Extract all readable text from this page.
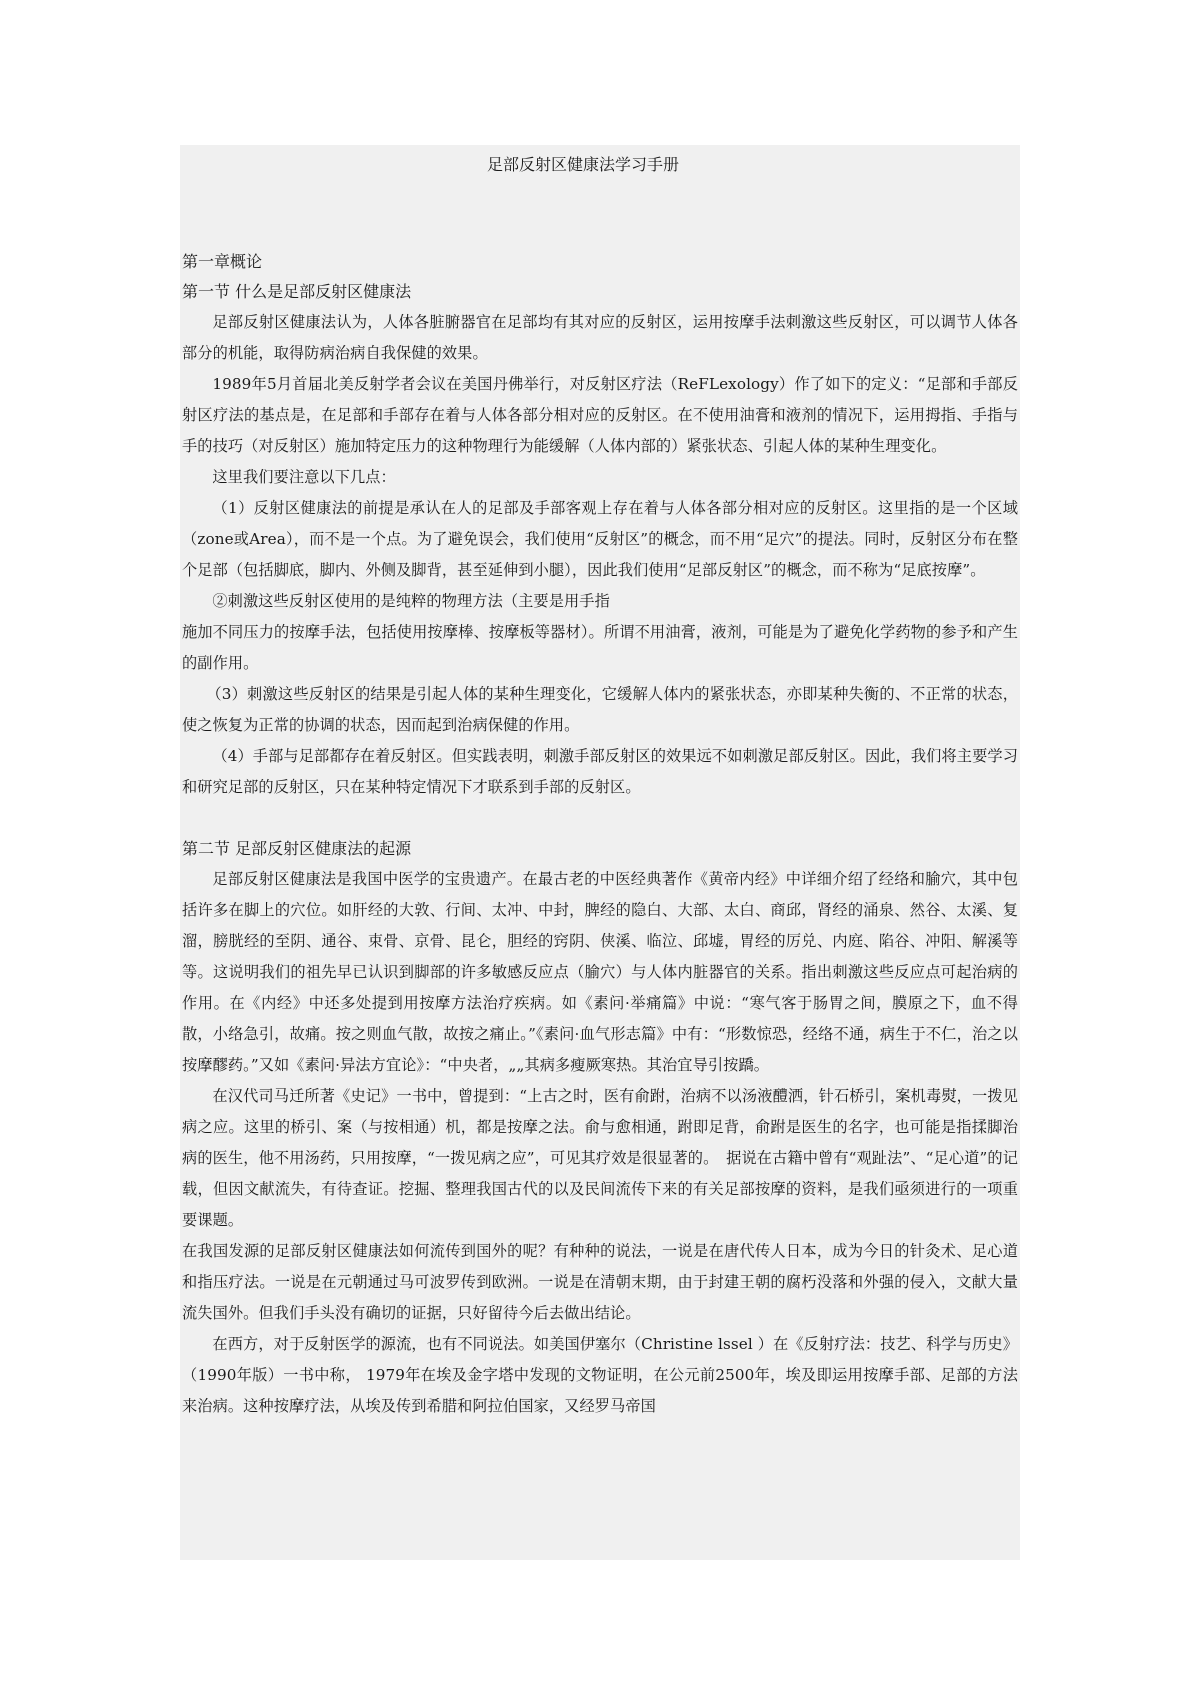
足部反射区健康法学习手册
第一章概论
第一节 什么是足部反射区健康法

足部反射区健康法认为，人体各脏腑器官在足部均有其对应的反射区，运用按摩手法刺激这些反射区，可以调节人体各部分的机能，取得防病治病自我保健的效果。

1989年5月首届北美反射学者会议在美国丹佛举行，对反射区疗法（ReFLexology）作了如下的定义：“足部和手部反射区疗法的基点是，在足部和手部存在着与人体各部分相对应的反射区。在不使用油膏和液剂的情况下，运用拇指、手指与手的技巧（对反射区）施加特定压力的这种物理行为能缓解（人体内部的）紧张状态、引起人体的某种生理变化。

这里我们要注意以下几点：

（1）反射区健康法的前提是承认在人的足部及手部客观上存在着与人体各部分相对应的反射区。这里指的是一个区域（zone或Area），而不是一个点。为了避免误会，我们使用“反射区”的概念，而不用“足穴”的提法。同时，反射区分布在整个足部（包括脚底，脚内、外侧及脚背，甚至延伸到小腿），因此我们使用“足部反射区”的概念，而不称为“足底按摩”。

②刺激这些反射区使用的是纯粹的物理方法（主要是用手指

施加不同压力的按摩手法，包括使用按摩棒、按摩板等器材）。所谓不用油膏，液剂，可能是为了避免化学药物的参予和产生的副作用。

（3）刺激这些反射区的结果是引起人体的某种生理变化，它缓解人体内的紧张状态，亦即某种失衡的、不正常的状态，使之恢复为正常的协调的状态，因而起到治病保健的作用。

（4）手部与足部都存在着反射区。但实践表明，刺激手部反射区的效果远不如刺激足部反射区。因此，我们将主要学习和研究足部的反射区，只在某种特定情况下才联系到手部的反射区。

第二节 足部反射区健康法的起源

足部反射区健康法是我国中医学的宝贵遗产。在最古老的中医经典著作《黄帝内经》中详细介绍了经络和腧穴，其中包括许多在脚上的穴位。如肝经的大敦、行间、太冲、中封，脾经的隐白、大部、太白、商邱，肾经的涌泉、然谷、太溪、复溜，膀胱经的至阴、通谷、束骨、京骨、昆仑，胆经的窍阴、侠溪、临泣、邱墟，胃经的厉兑、内庭、陷谷、冲阳、解溪等等。这说明我们的祖先早已认识到脚部的许多敏感反应点（腧穴）与人体内脏器官的关系。指出刺激这些反应点可起治病的作用。在《内经》中还多处提到用按摩方法治疗疾病。如《素问·举痛篇》中说：“寒气客于肠胃之间，膜原之下，血不得散，小络急引，故痛。按之则血气散，故按之痛止。”《素问·血气形志篇》中有：“形数惊恐，经络不通，病生于不仁，治之以按摩醪药。”又如《素问·异法方宜论》：“中央者，„„其病多瘦厥寒热。其治宜导引按蹻。

在汉代司马迁所著《史记》一书中，曾提到：“上古之时，医有俞跗，治病不以汤液醴洒，针石桥引，案机毒熨，一拨见病之应。这里的桥引、案（与按相通）机，都是按摩之法。俞与愈相通，跗即足背，俞跗是医生的名字，也可能是指揉脚治病的医生，他不用汤药，只用按摩，“一拨见病之应”，可见其疗效是很显著的。　据说在古籍中曾有“观趾法”、“足心道”的记载，但因文献流失，有待查证。挖掘、整理我国古代的以及民间流传下来的有关足部按摩的资料，是我们亟须进行的一项重要课题。

在我国发源的足部反射区健康法如何流传到国外的呢？有种种的说法，一说是在唐代传人日本，成为今日的针灸术、足心道和指压疗法。一说是在元朝通过马可波罗传到欧洲。一说是在清朝末期，由于封建王朝的腐朽没落和外强的侵入，文献大量流失国外。但我们手头没有确切的证据，只好留待今后去做出结论。

在西方，对于反射医学的源流，也有不同说法。如美国伊塞尔（Christine lssel ）在《反射疗法：技艺、科学与历史》（1990年版）一书中称， 1979年在埃及金字塔中发现的文物证明，在公元前2500年，埃及即运用按摩手部、足部的方法来治病。这种按摩疗法，从埃及传到希腊和阿拉伯国家，又经罗马帝国
